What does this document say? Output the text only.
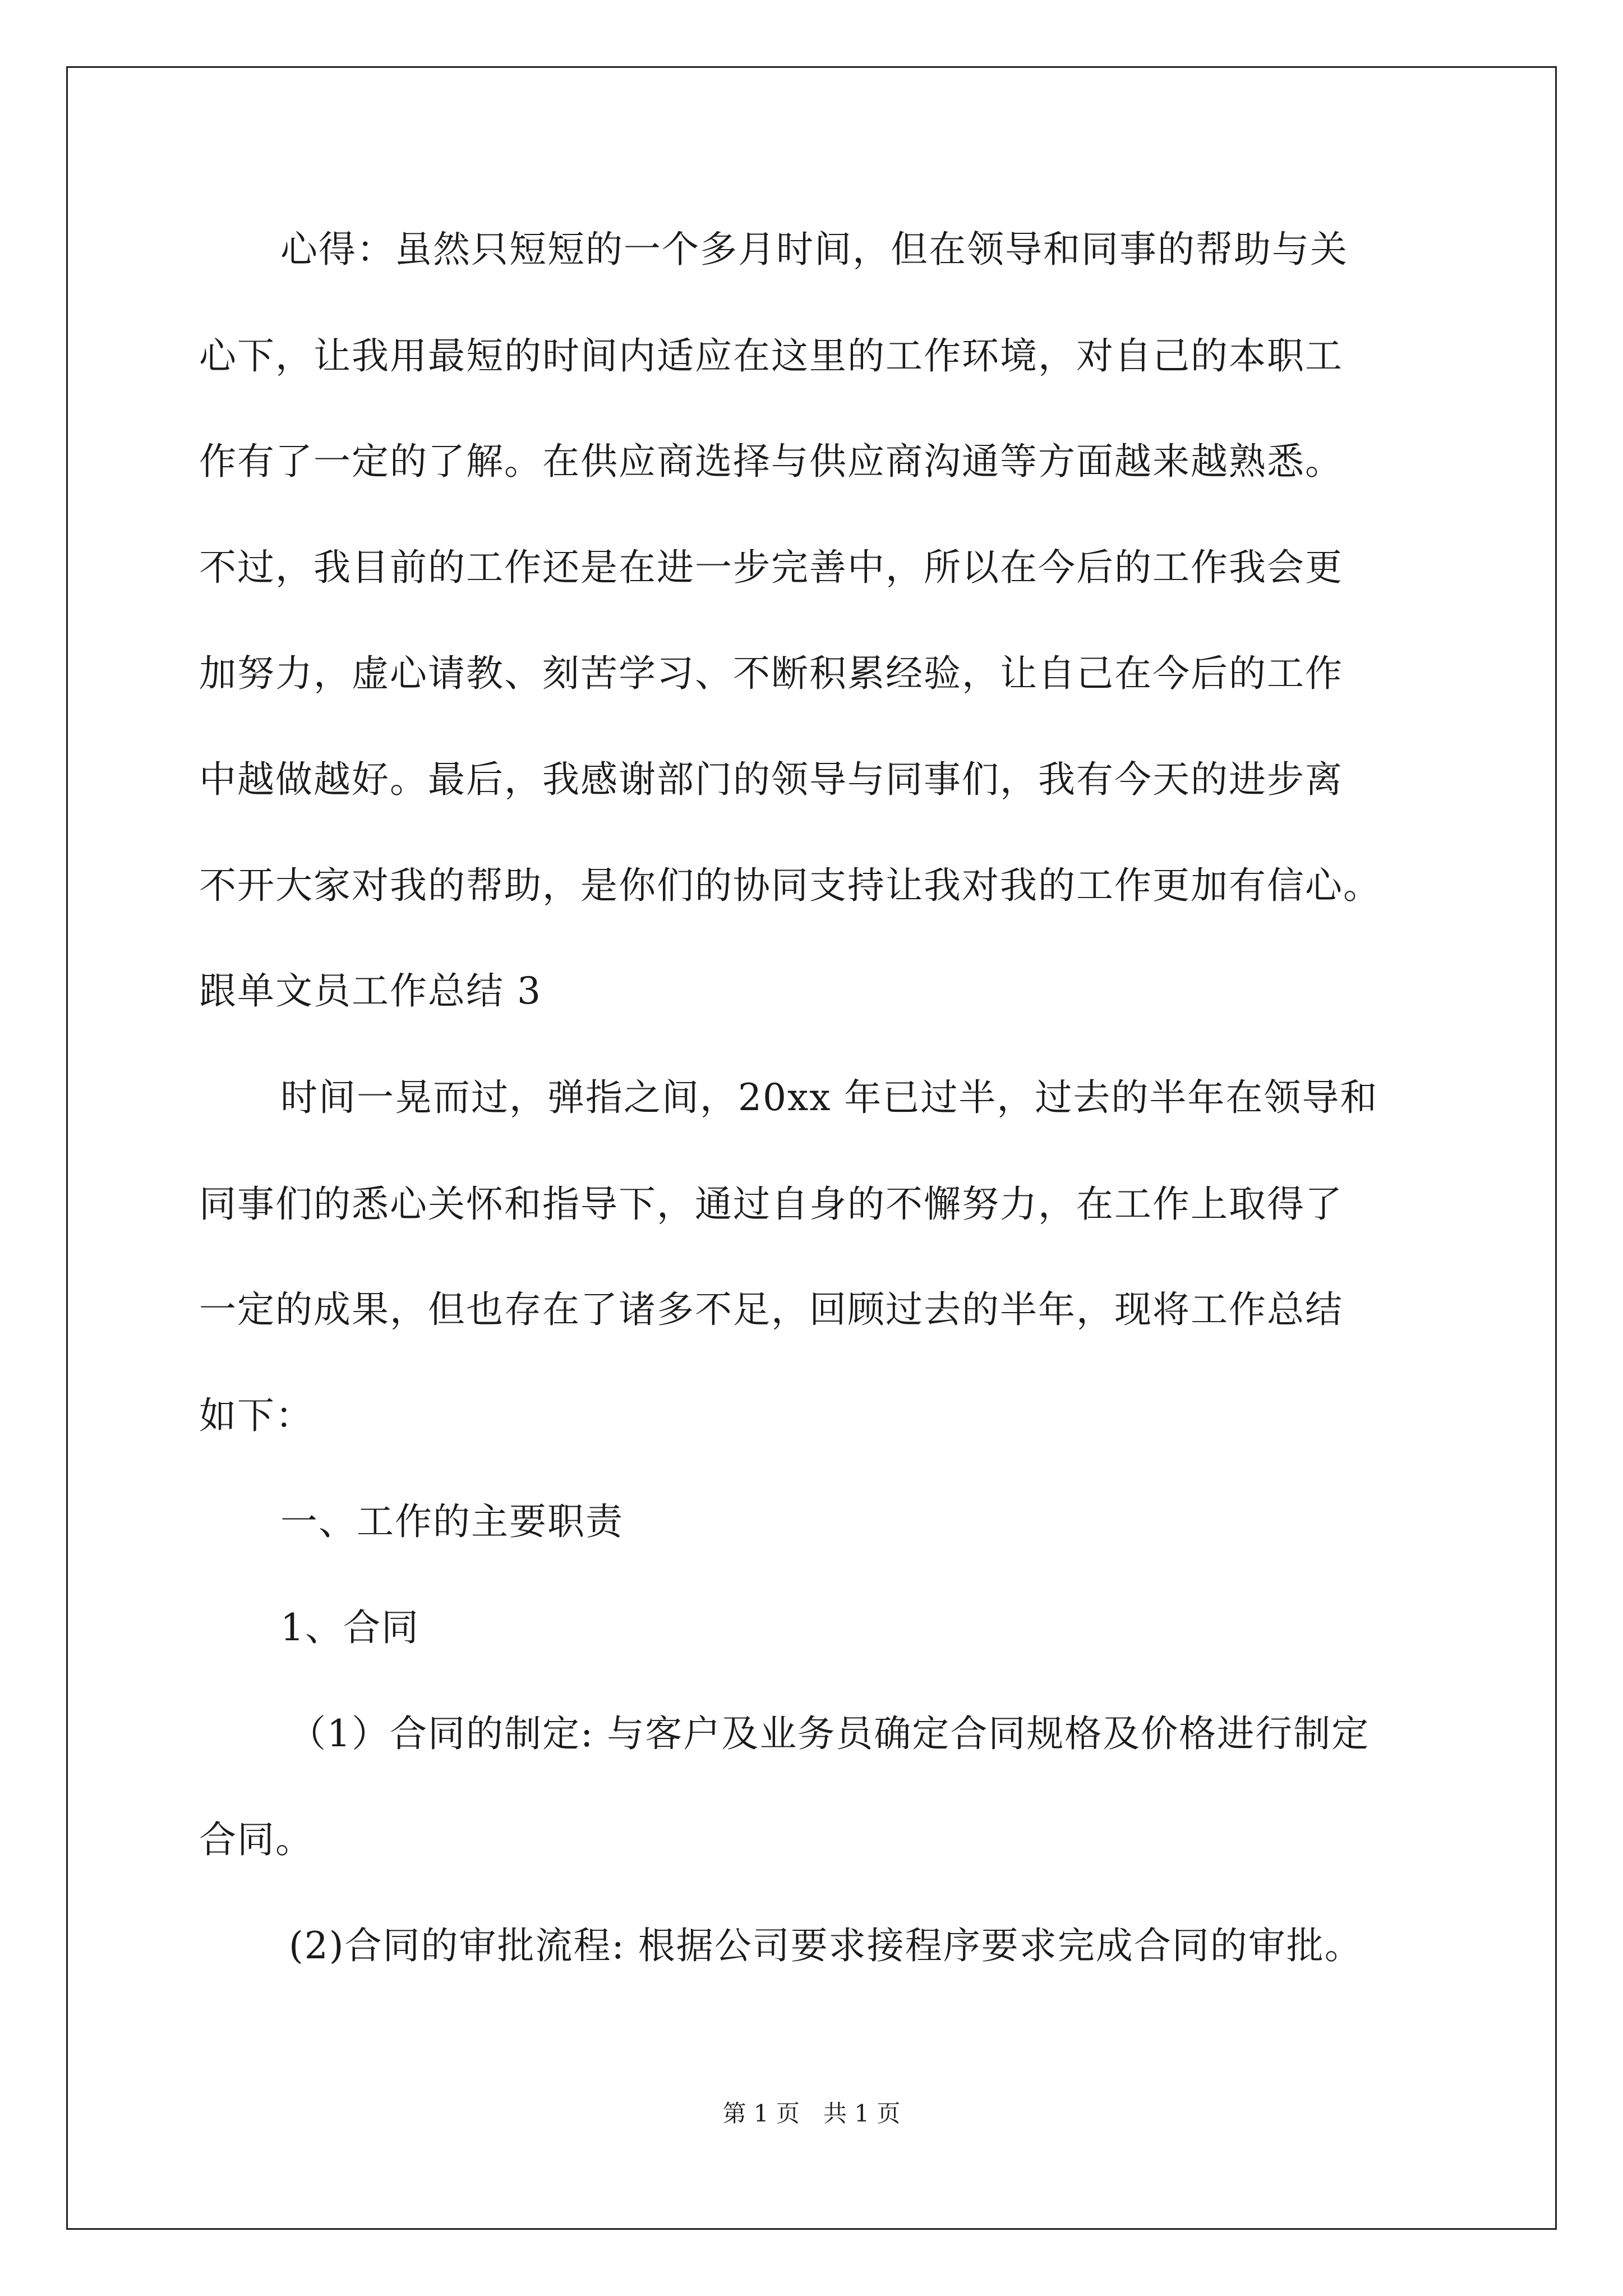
心得：虽然只短短的一个多月时间，但在领导和同事的帮助与关
心下，让我用最短的时间内适应在这里的工作环境，对自己的本职工
作有了一定的了解。在供应商选择与供应商沟通等方面越来越熟悉。
不过，我目前的工作还是在进一步完善中，所以在今后的工作我会更
加努力，虚心请教、刻苦学习、不断积累经验，让自己在今后的工作
中越做越好。最后，我感谢部门的领导与同事们，我有今天的进步离
不开大家对我的帮助，是你们的协同支持让我对我的工作更加有信心。
跟单文员工作总结 3
时间一晃而过，弹指之间，20xx 年已过半，过去的半年在领导和
同事们的悉心关怀和指导下，通过自身的不懈努力，在工作上取得了
一定的成果，但也存在了诸多不足，回顾过去的半年，现将工作总结
如下：
一、工作的主要职责
1、合同
（1）合同的制定: 与客户及业务员确定合同规格及价格进行制定
合同。
(2)合同的审批流程: 根据公司要求接程序要求完成合同的审批。
第 1 页　共 1 页
